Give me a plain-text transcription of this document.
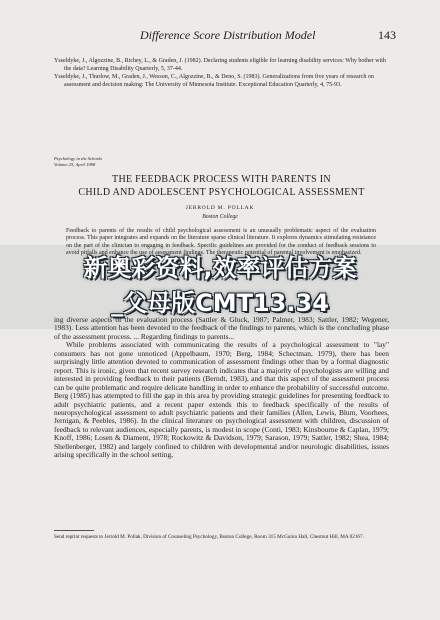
Difference Score Distribution Model	143

Ysseldyke, J., Algozzine, B., Richey, L., & Graden, J. (1982). Declaring students eligible for learning disability services: Why bother with the data? Learning Disability Quarterly, 5, 37-44.

Ysseldyke, J., Thurlow, M., Graden, J., Wesson, C., Algozzine, B., & Deno, S. (1983). Generalizations from five years of research on assessment and decision making: The University of Minnesota Institute. Exceptional Education Quarterly, 4, 75-93.

Psychology in the Schools
Volume 25, April 1988
THE FEEDBACK PROCESS WITH PARENTS IN
CHILD AND ADOLESCENT PSYCHOLOGICAL ASSESSMENT
JERROLD M. POLLAK
Boston College
Feedback to parents of the results of child psychological assessment is an unusually problematic aspect of the evaluation process. This paper integrates and expands on the literature sparse clinical literature. It explores dynamics stimulating resistance on the part of the clinician to engaging in feedback. Specific guidelines are provided for the conduct of feedback sessions to avoid pitfalls and enhance the use of assessment findings. The therapeutic potential of parental involvement is emphasized.

ing diverse aspects of the evaluation process (Sattler & Gluck, 1987; Palmer, 1983; Sattler, 1982; Wegener, 1983). Less attention has been devoted to the feedback of the findings to parents, which is the concluding phase of the assessment process. ... Regarding findings to parents...

While problems associated with communicating the results of a psychological assessment to "lay" consumers has not gone unnoticed (Appelbaum, 1970; Berg, 1984; Schectman, 1979), there has been surprisingly little attention devoted to communication of assessment findings other than by a formal diagnostic report. This is ironic, given that recent survey research indicates that a majority of psychologists are willing and interested in providing feedback to their patients (Berndt, 1983), and that this aspect of the assessment process can be quite problematic and require delicate handling in order to enhance the probability of successful outcome. Berg (1985) has attempted to fill the gap in this area by providing strategic guidelines for presenting feedback to adult psychiatric patients, and a recent paper extends this to feedback specifically of the results of neuropsychological assessment to adult psychiatric patients and their families (Allen, Lewis, Blum, Voorhees, Jernigan, & Peebles, 1986). In the clinical literature on psychological assessment with children, discussion of feedback to relevant audiences, especially parents, is modest in scope (Conti, 1983; Kinsbourne & Caplan, 1979; Knoff, 1986; Losen & Diament, 1978; Rockowitz & Davidson, 1979; Sarason, 1979; Sattler, 1982; Shea, 1984; Shellenberger, 1982) and largely confined to children with developmental and/or neurologic disabilities, issues arising specifically in the school setting,

Send reprint requests to Jerrold M. Pollak, Division of Counseling Psychology, Boston College, Room 315 McGuinn Hall, Chestnut Hill, MA 02167.
新奥彩资料,效率评估方案
_父母版CMT13.34
